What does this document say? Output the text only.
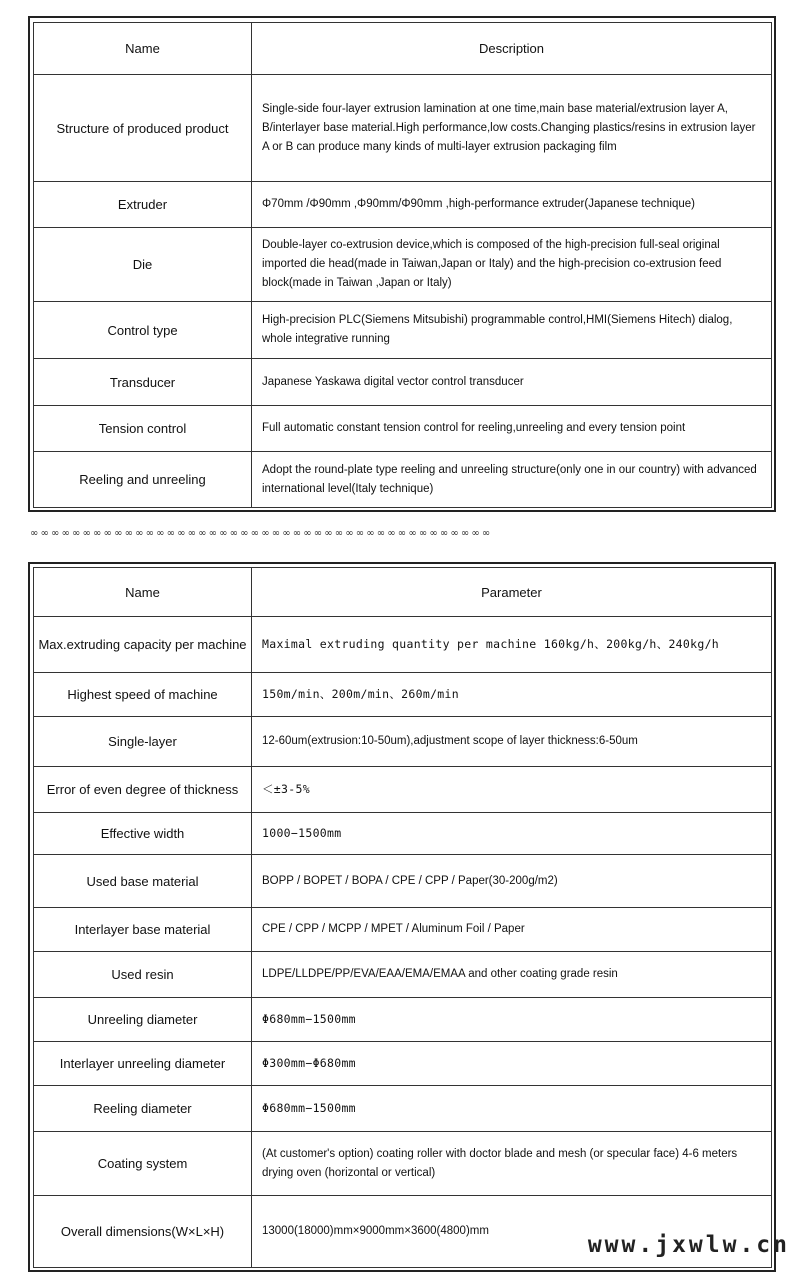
Name	Description
Structure of produced product	Single-side four-layer extrusion lamination at one time,main base material/extrusion layer A, B/interlayer base material.High performance,low costs.Changing plastics/resins in extrusion layer A or B can produce many kinds of multi-layer extrusion packaging film
Extruder	Φ70mm /Φ90mm ,Φ90mm/Φ90mm ,high-performance extruder(Japanese technique)
Die	Double-layer co-extrusion device,which is composed of the high-precision full-seal original imported die head(made in Taiwan,Japan or Italy) and the high-precision co-extrusion feed block(made in Taiwan ,Japan or Italy)
Control type	High-precision PLC(Siemens Mitsubishi) programmable control,HMI(Siemens Hitech) dialog, whole integrative running
Transducer	Japanese Yaskawa digital vector control transducer
Tension control	Full automatic constant tension control for reeling,unreeling and every tension point
Reeling and unreeling	Adopt the round-plate type reeling and unreeling structure(only one in our country) with advanced international level(Italy technique)
∞ ∞ ∞ ∞ ∞ ∞ ∞ ∞ ∞ ∞ ∞ ∞ ∞ ∞ ∞ ∞ ∞ ∞ ∞ ∞ ∞ ∞ ∞ ∞ ∞ ∞ ∞ ∞ ∞ ∞ ∞ ∞ ∞ ∞ ∞ ∞ ∞ ∞ ∞ ∞ ∞ ∞ ∞ ∞
Name	Parameter
Max.extruding capacity per machine	Maximal extruding quantity per machine 160kg/h、200kg/h、240kg/h
Highest speed of machine	150m/min、200m/min、260m/min
Single-layer	12-60um(extrusion:10-50um),adjustment scope of layer thickness:6-50um
Error of even degree of thickness	＜±3-5%
Effective width	1000−1500mm
Used base material	BOPP / BOPET / BOPA / CPE / CPP / Paper(30-200g/m2)
Interlayer base material	CPE / CPP / MCPP / MPET / Aluminum Foil / Paper
Used resin	LDPE/LLDPE/PP/EVA/EAA/EMA/EMAA and other coating grade resin
Unreeling diameter	Φ680mm−1500mm
Interlayer unreeling diameter	Φ300mm−Φ680mm
Reeling diameter	Φ680mm−1500mm
Coating system	(At customer's option) coating roller with doctor blade and mesh (or specular face) 4-6 meters drying oven (horizontal or vertical)
Overall dimensions(W×L×H)	13000(18000)mm×9000mm×3600(4800)mm
www.jxwlw.cn
